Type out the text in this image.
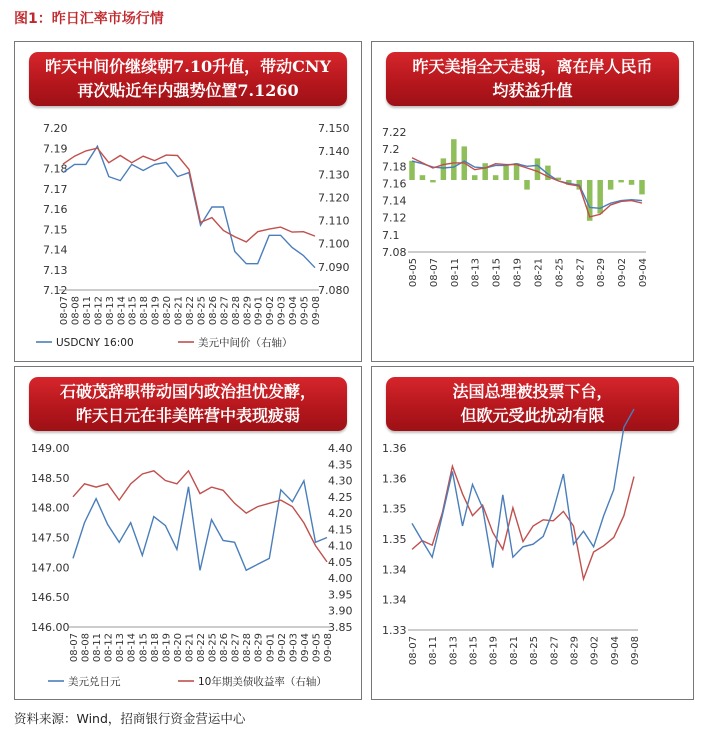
图1：昨日汇率市场行情
昨天中间价继续朝7.10升值，带动CNY
再次贴近年内强势位置7.1260
7.20
7.19
7.18
7.17
7.16
7.15
7.14
7.13
7.12
7.150
7.140
7.130
7.120
7.110
7.100
7.090
7.080
08-07 08-08 08-11 08-12 08-13 08-14 08-15 08-18 08-19 08-20 08-21 08-22 08-25 08-26 08-27 08-28 08-29 09-01 09-02 09-03 09-04 09-05 09-08
USDCNY 16:00	美元中间价（右轴）
昨天美指全天走弱，离在岸人民币
均获益升值
7.22
7.2
7.18
7.16
7.14
7.12
7.1
7.08
08-05 08-07 08-11 08-13 08-15 08-19 08-21 08-25 08-27 08-29 09-02 09-04
石破茂辞职带动国内政治担忧发酵，
昨天日元在非美阵营中表现疲弱
149.00
148.50
148.00
147.50
147.00
146.50
146.00
4.40
4.35
4.30
4.25
4.20
4.15
4.10
4.05
4.00
3.95
3.90
3.85
08-07 08-08 08-11 08-12 08-13 08-14 08-15 08-18 08-19 08-20 08-21 08-22 08-25 08-26 08-27 08-28 08-29 09-01 09-02 09-03 09-04 09-05 09-08
美元兑日元	10年期美债收益率（右轴）
法国总理被投票下台，
但欧元受此扰动有限
1.36
1.36
1.35
1.35
1.34
1.34
1.33
08-07 08-11 08-13 08-15 08-19 08-21 08-25 08-27 08-29 09-02 09-04 09-08
资料来源：Wind，招商银行资金营运中心
